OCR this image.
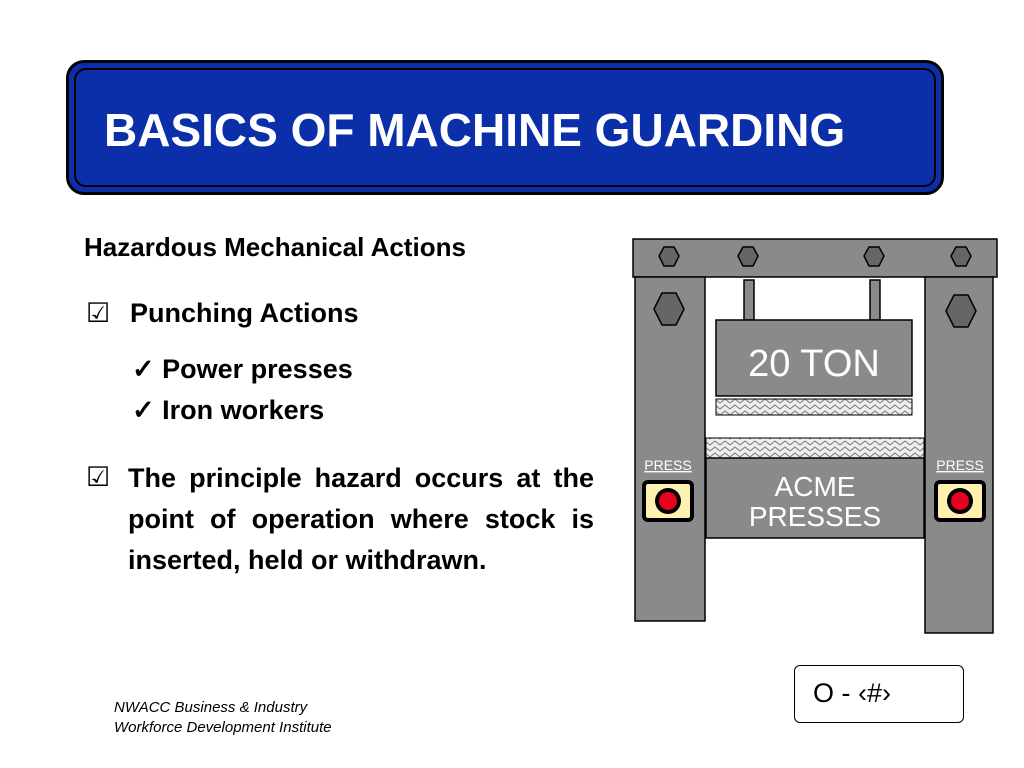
BASICS OF MACHINE GUARDING
Hazardous Mechanical Actions
☑ Punching Actions
✓ Power presses
✓ Iron workers
☑ The principle hazard occurs at the point of operation where stock is inserted, held or withdrawn.
20 TON
ACME
PRESSES
PRESS	PRESS
O - ‹#›
NWACC Business & Industry
Workforce Development Institute
